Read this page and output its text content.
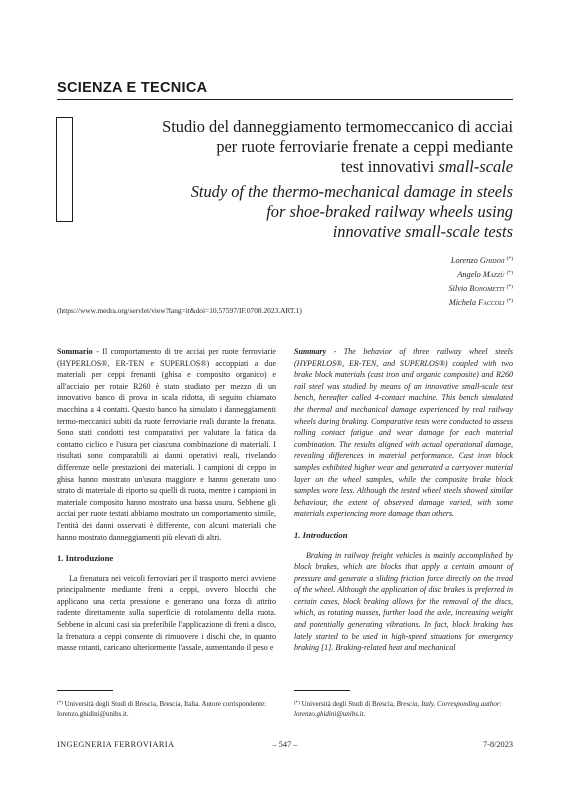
SCIENZA E TECNICA
Studio del danneggiamento termomeccanico di acciai
per ruote ferroviarie frenate a ceppi mediante
test innovativi small-scale
Study of the thermo-mechanical damage in steels
for shoe-braked railway wheels using
innovative small-scale tests
Lorenzo Ghidini (*)
Angelo Mazzù (*)
Silvio Bonometti (*)
Michela Faccoli (*)
(https://www.medra.org/servlet/view?lang=it&doi=10.57597/IF.0708.2023.ART.1)

Sommario - Il comportamento di tre acciai per ruote ferroviarie (HYPERLOS®, ER-TEN e SUPERLOS®) accoppiati a due materiali per ceppi frenanti (ghisa e composito organico) e all'acciaio per rotaie R260 è stato studiato per mezzo di un innovativo banco di prova in scala ridotta, di seguito chiamato macchina a 4 contatti. Questo banco ha simulato i danneggiamenti termo-meccanici subiti da ruote ferroviarie reali durante la frenata. Sono stati condotti test comparativi per valutare la fatica da contatto ciclico e l'usura per ciascuna combinazione di materiali. I risultati sono comparabili ai danni operativi reali, rivelando differenze nelle prestazioni dei materiali. I campioni di ceppo in ghisa hanno mostrato un'usura maggiore e hanno generato uno strato di materiale di riporto su quelli di ruota, mentre i campioni in materiale composito hanno mostrato una bassa usura. Sebbene gli acciai per ruote testati abbiamo mostrato un comportamento simile, l'entità dei danni osservati è differente, con alcuni materiali che hanno mostrato danneggiamenti più elevati di altri.

1. Introduzione

La frenatura nei veicoli ferroviari per il trasporto merci avviene principalmente mediante freni a ceppi, ovvero blocchi che applicano una certa pressione e generano una forza di attrito radente direttamente sulla superficie di rotolamento della ruota. Sebbene in alcuni casi sia preferibile l'applicazione di freni a disco, la frenatura a ceppi consente di rimuovere i dischi che, in quanto masse rotanti, caricano ulteriormente l'assale, aumentando il peso e

Summary - The behavior of three railway wheel steels (HYPERLOS®, ER-TEN, and SUPERLOS®) coupled with two brake block materials (cast iron and organic composite) and R260 rail steel was studied by means of an innovative small-scale test bench, hereafter called 4-contact machine. This bench simulated the thermal and mechanical damage experienced by real railway wheels during braking. Comparative tests were conducted to assess rolling contact fatigue and wear damage for each material combination. The results aligned with actual operational damage, revealing differences in material performance. Cast iron block samples exhibited higher wear and generated a carryover material layer on the wheel samples, while the composite brake block samples wore less. Although the tested wheel steels showed similar behaviour, the extent of observed damage varied, with some materials experiencing more damage than others.

1. Introduction

Braking in railway freight vehicles is mainly accomplished by block brakes, which are blocks that apply a certain amount of pressure and generate a sliding friction force directly on the tread of the wheel. Although the application of disc brakes is preferred in certain cases, block braking allows for the removal of the discs, which, as rotating masses, further load the axle, increasing weight and potentially generating vibrations. In fact, block braking has lately started to be used in high-speed situations for emergency braking [1]. Braking-related heat and mechanical

(*) Università degli Studi di Brescia, Brescia, Italia. Autore corrispondente: lorenzo.ghidini@unibs.it.
(*) Università degli Studi di Brescia, Brescia, Italy. Corresponding author: lorenzo.ghidini@unibs.it.
INGEGNERIA FERROVIARIA	– 547 –	7-8/2023
